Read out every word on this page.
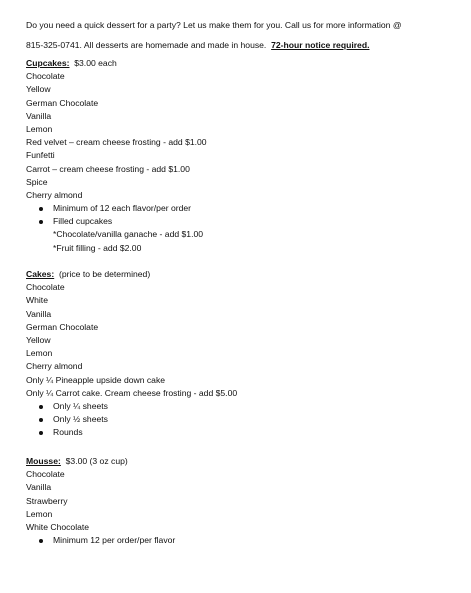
Do you need a quick dessert for a party? Let us make them for you. Call us for more information @
815-325-0741. All desserts are homemade and made in house. 72-hour notice required.
Cupcakes: $3.00 each
Chocolate
Yellow
German Chocolate
Vanilla
Lemon
Red velvet – cream cheese frosting - add $1.00
Funfetti
Carrot – cream cheese frosting - add $1.00
Spice
Cherry almond
Minimum of 12 each flavor/per order
Filled cupcakes
*Chocolate/vanilla ganache - add $1.00
*Fruit filling - add $2.00
Cakes: (price to be determined)
Chocolate
White
Vanilla
German Chocolate
Yellow
Lemon
Cherry almond
Only ¼ Pineapple upside down cake
Only ¼ Carrot cake. Cream cheese frosting - add $5.00
Only ¼ sheets
Only ½ sheets
Rounds
Mousse: $3.00 (3 oz cup)
Chocolate
Vanilla
Strawberry
Lemon
White Chocolate
Minimum 12 per order/per flavor
